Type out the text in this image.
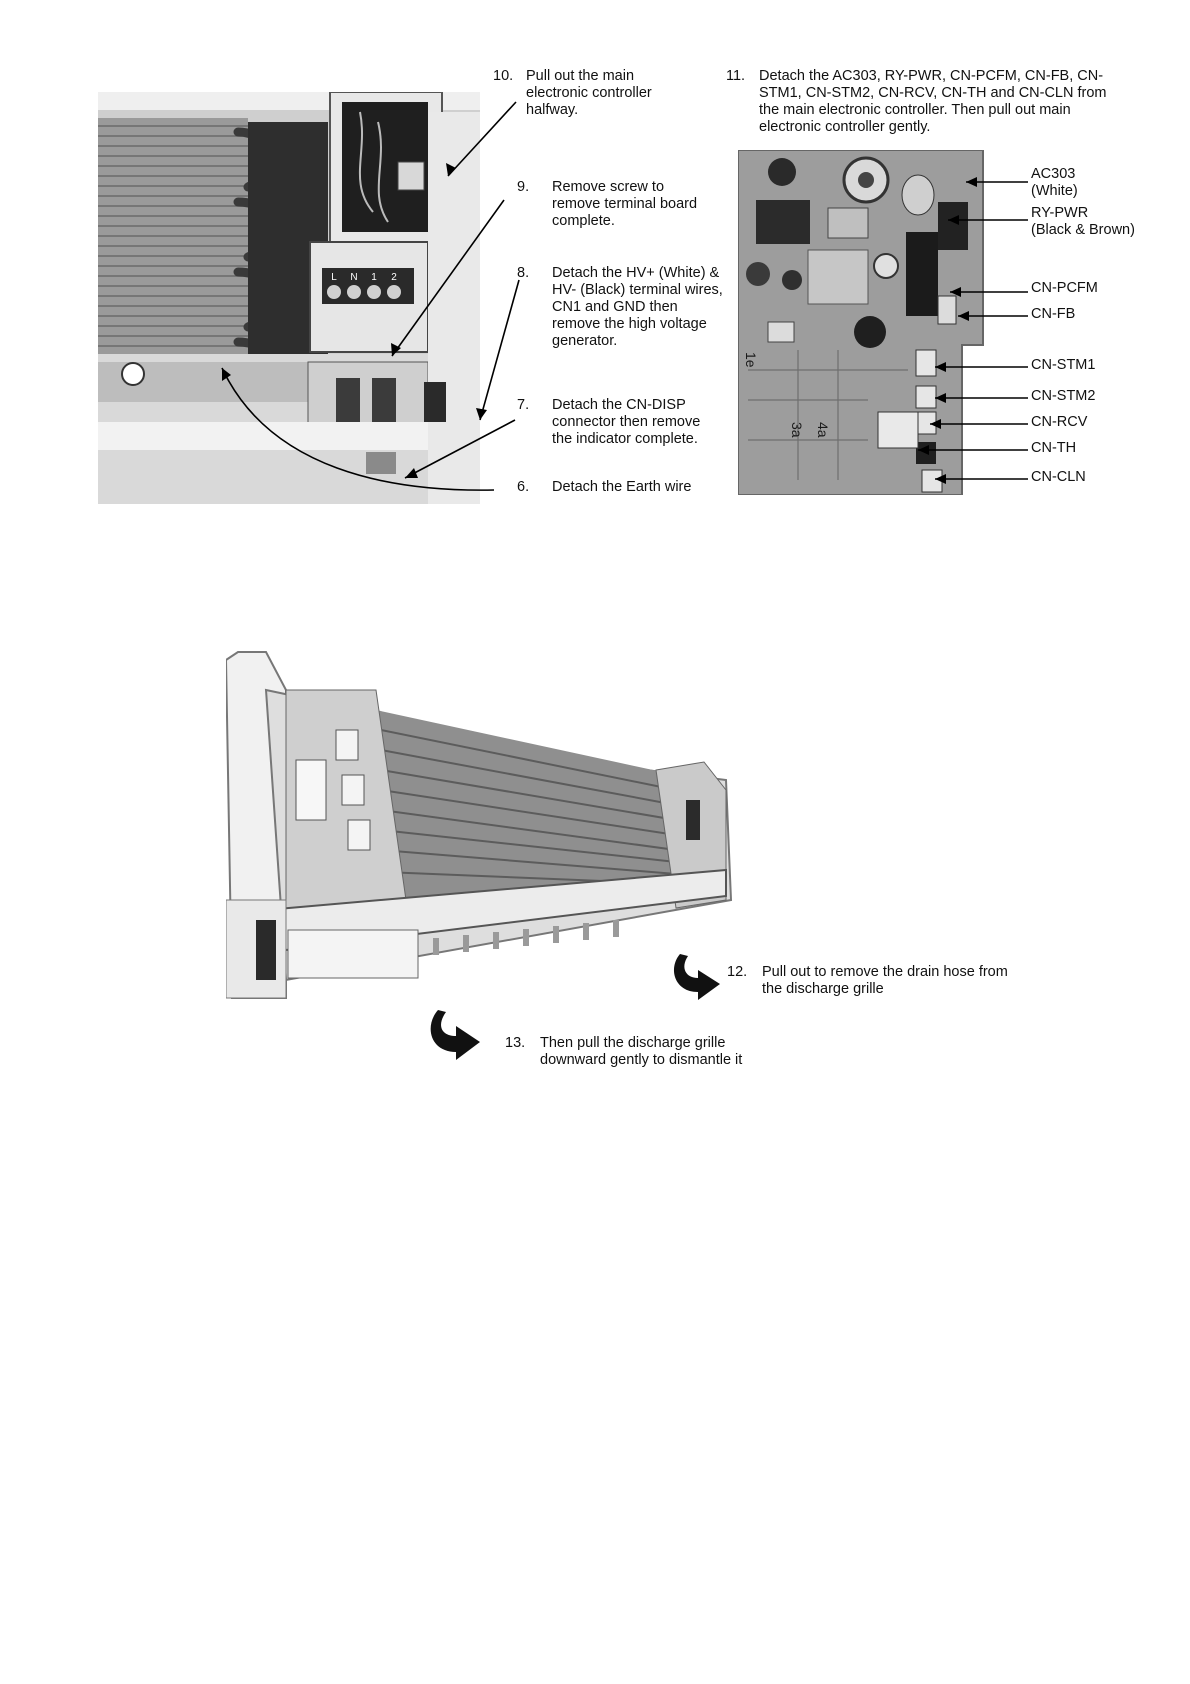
L N 1 2
10. Pull out the main electronic controller halfway.
9. Remove screw to remove terminal board complete.
8. Detach the HV+ (White) & HV- (Black) terminal wires, CN1 and GND then remove the high voltage generator.
7. Detach the CN-DISP connector then remove the indicator complete.
6. Detach the Earth wire
11. Detach the AC303, RY-PWR, CN-PCFM, CN-FB, CN-STM1, CN-STM2, CN-RCV, CN-TH and CN-CLN from the main electronic controller. Then pull out main electronic controller gently.
1e
3a 4a
AC303
(White)
RY-PWR
(Black & Brown)
CN-PCFM
CN-FB
CN-STM1
CN-STM2
CN-RCV
CN-TH
CN-CLN
12. Pull out to remove the drain hose from the discharge grille
13. Then pull the discharge grille downward gently to dismantle it
